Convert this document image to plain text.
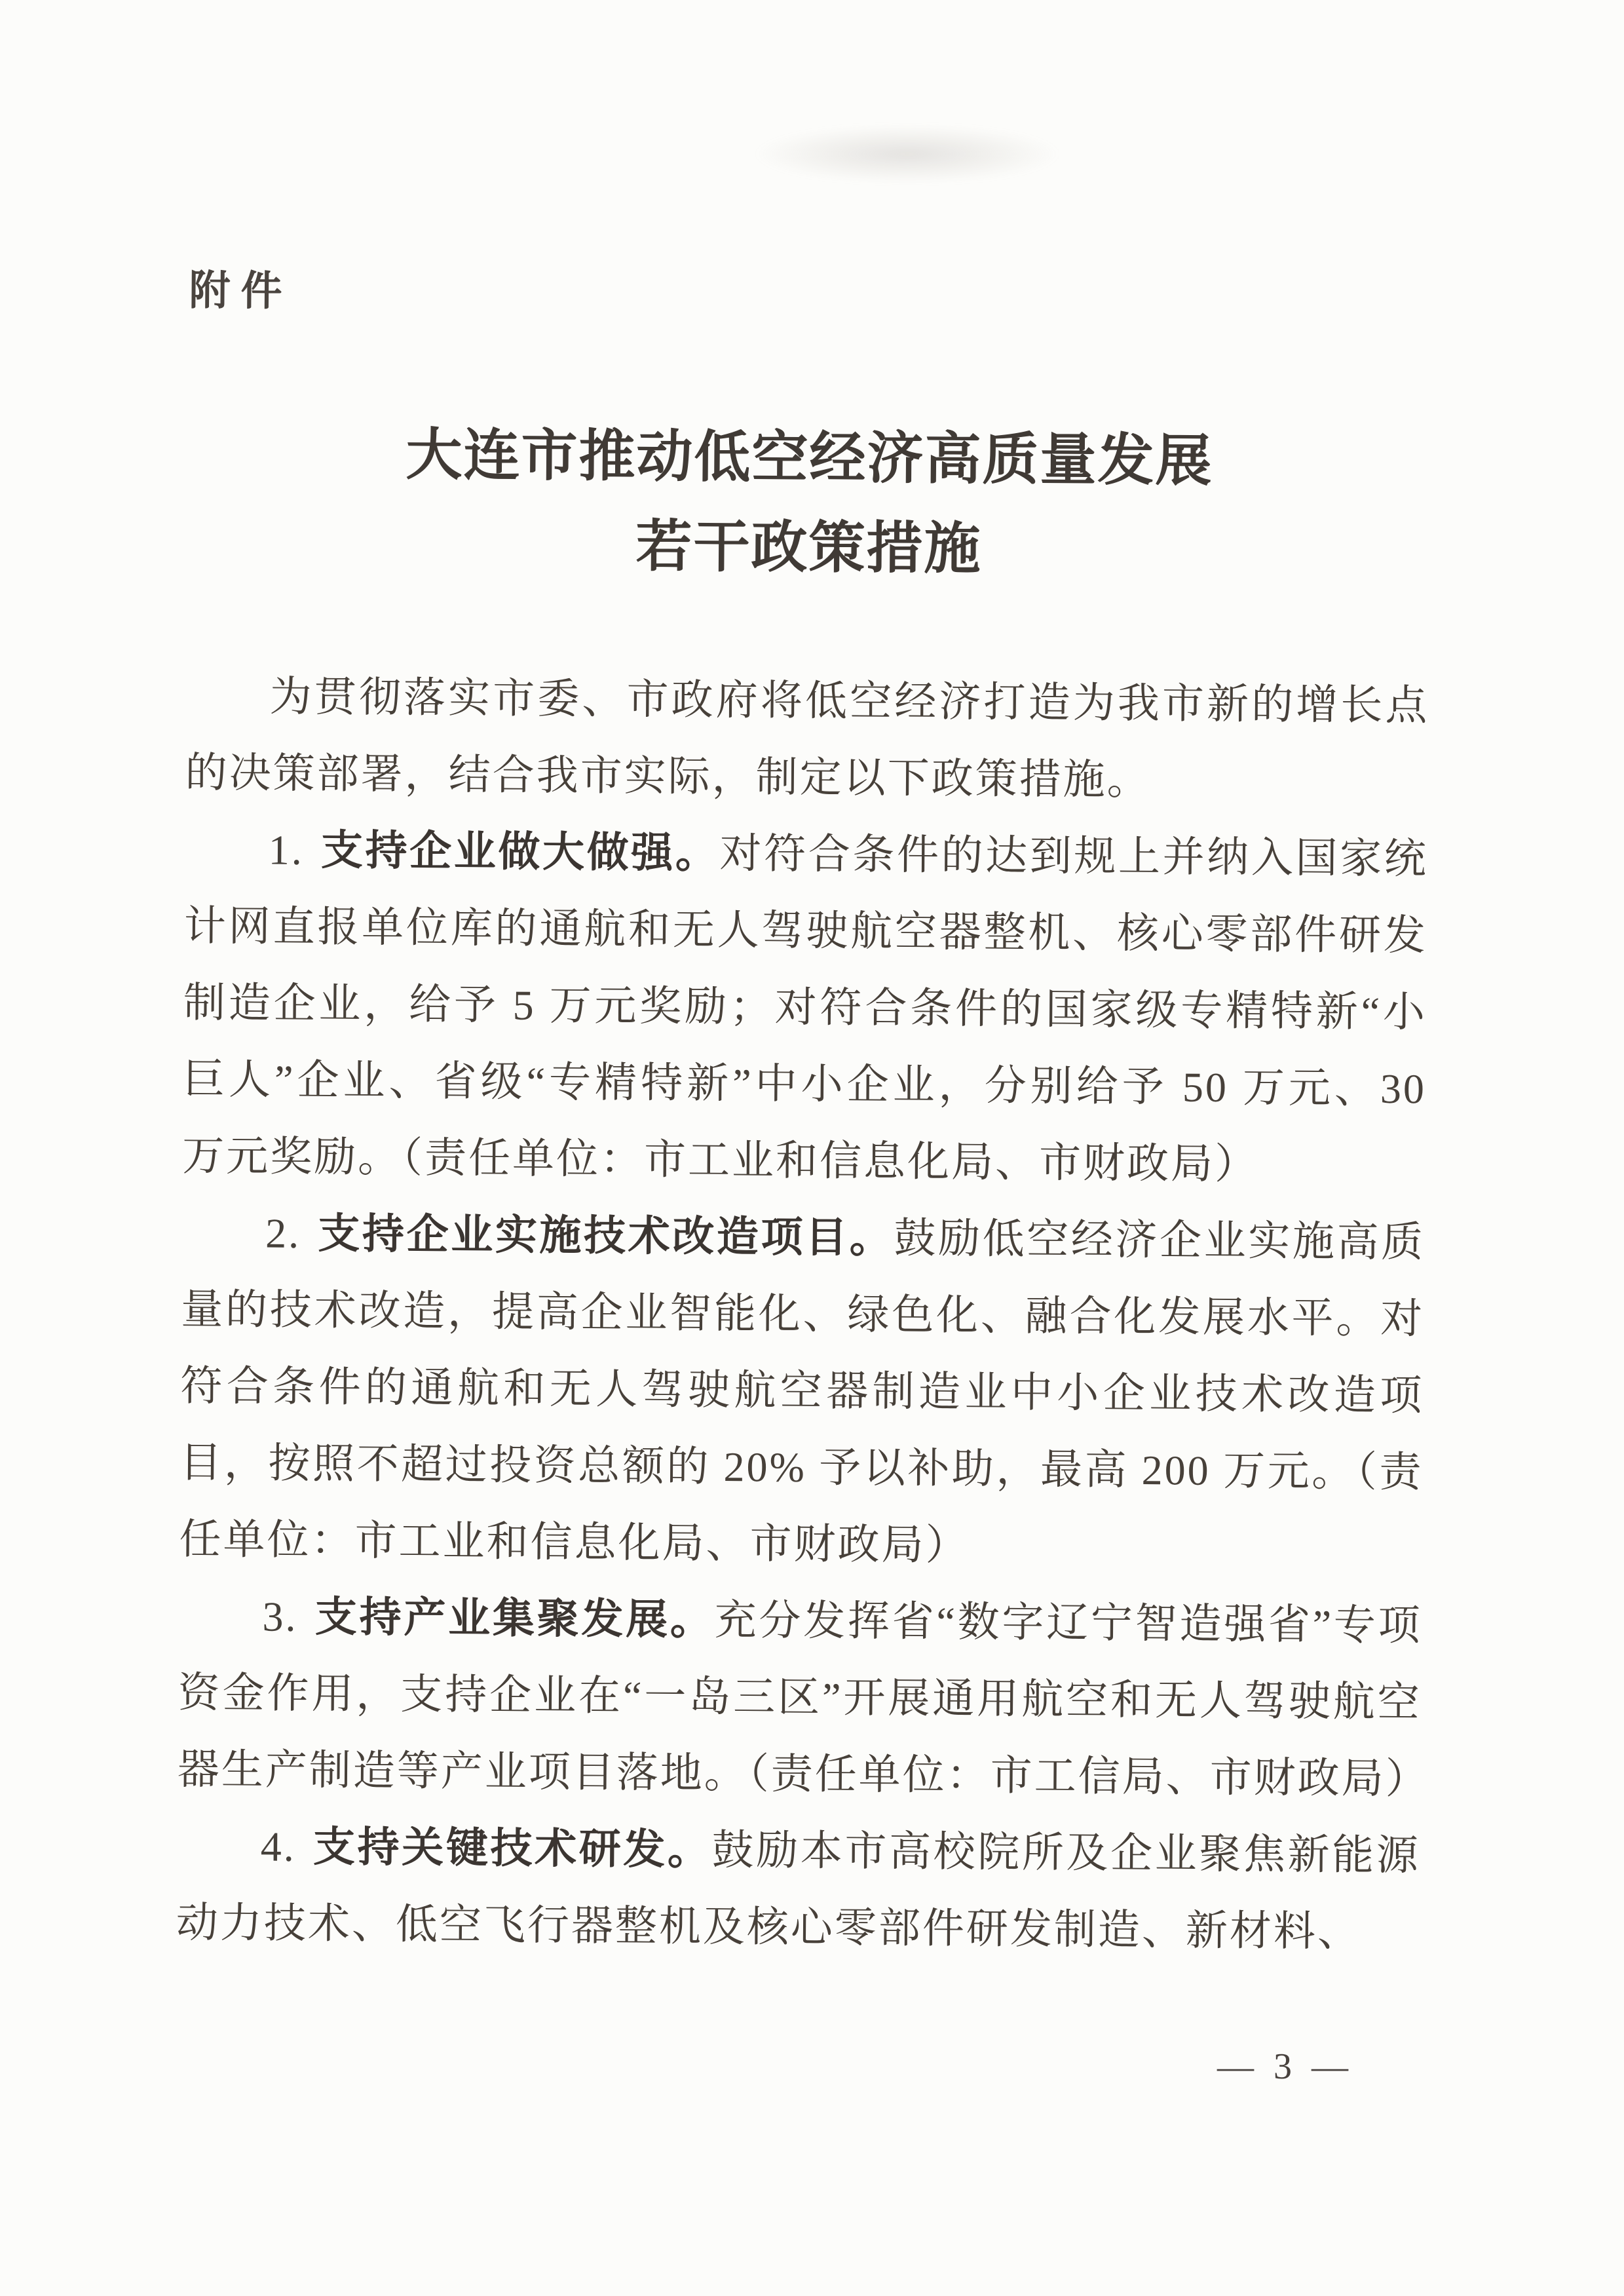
附件
大连市推动低空经济高质量发展
若干政策措施

为贯彻落实市委、市政府将低空经济打造为我市新的增长点的决策部署，结合我市实际，制定以下政策措施。

1. 支持企业做大做强。对符合条件的达到规上并纳入国家统计网直报单位库的通航和无人驾驶航空器整机、核心零部件研发制造企业，给予 5 万元奖励；对符合条件的国家级专精特新“小巨人”企业、省级“专精特新”中小企业，分别给予 50 万元、30 万元奖励。（责任单位：市工业和信息化局、市财政局）

2. 支持企业实施技术改造项目。鼓励低空经济企业实施高质量的技术改造，提高企业智能化、绿色化、融合化发展水平。对符合条件的通航和无人驾驶航空器制造业中小企业技术改造项目，按照不超过投资总额的 20% 予以补助，最高 200 万元。（责任单位：市工业和信息化局、市财政局）

3. 支持产业集聚发展。充分发挥省“数字辽宁智造强省”专项资金作用，支持企业在“一岛三区”开展通用航空和无人驾驶航空器生产制造等产业项目落地。（责任单位：市工信局、市财政局）

4. 支持关键技术研发。鼓励本市高校院所及企业聚焦新能源动力技术、低空飞行器整机及核心零部件研发制造、新材料、

— 3 —
